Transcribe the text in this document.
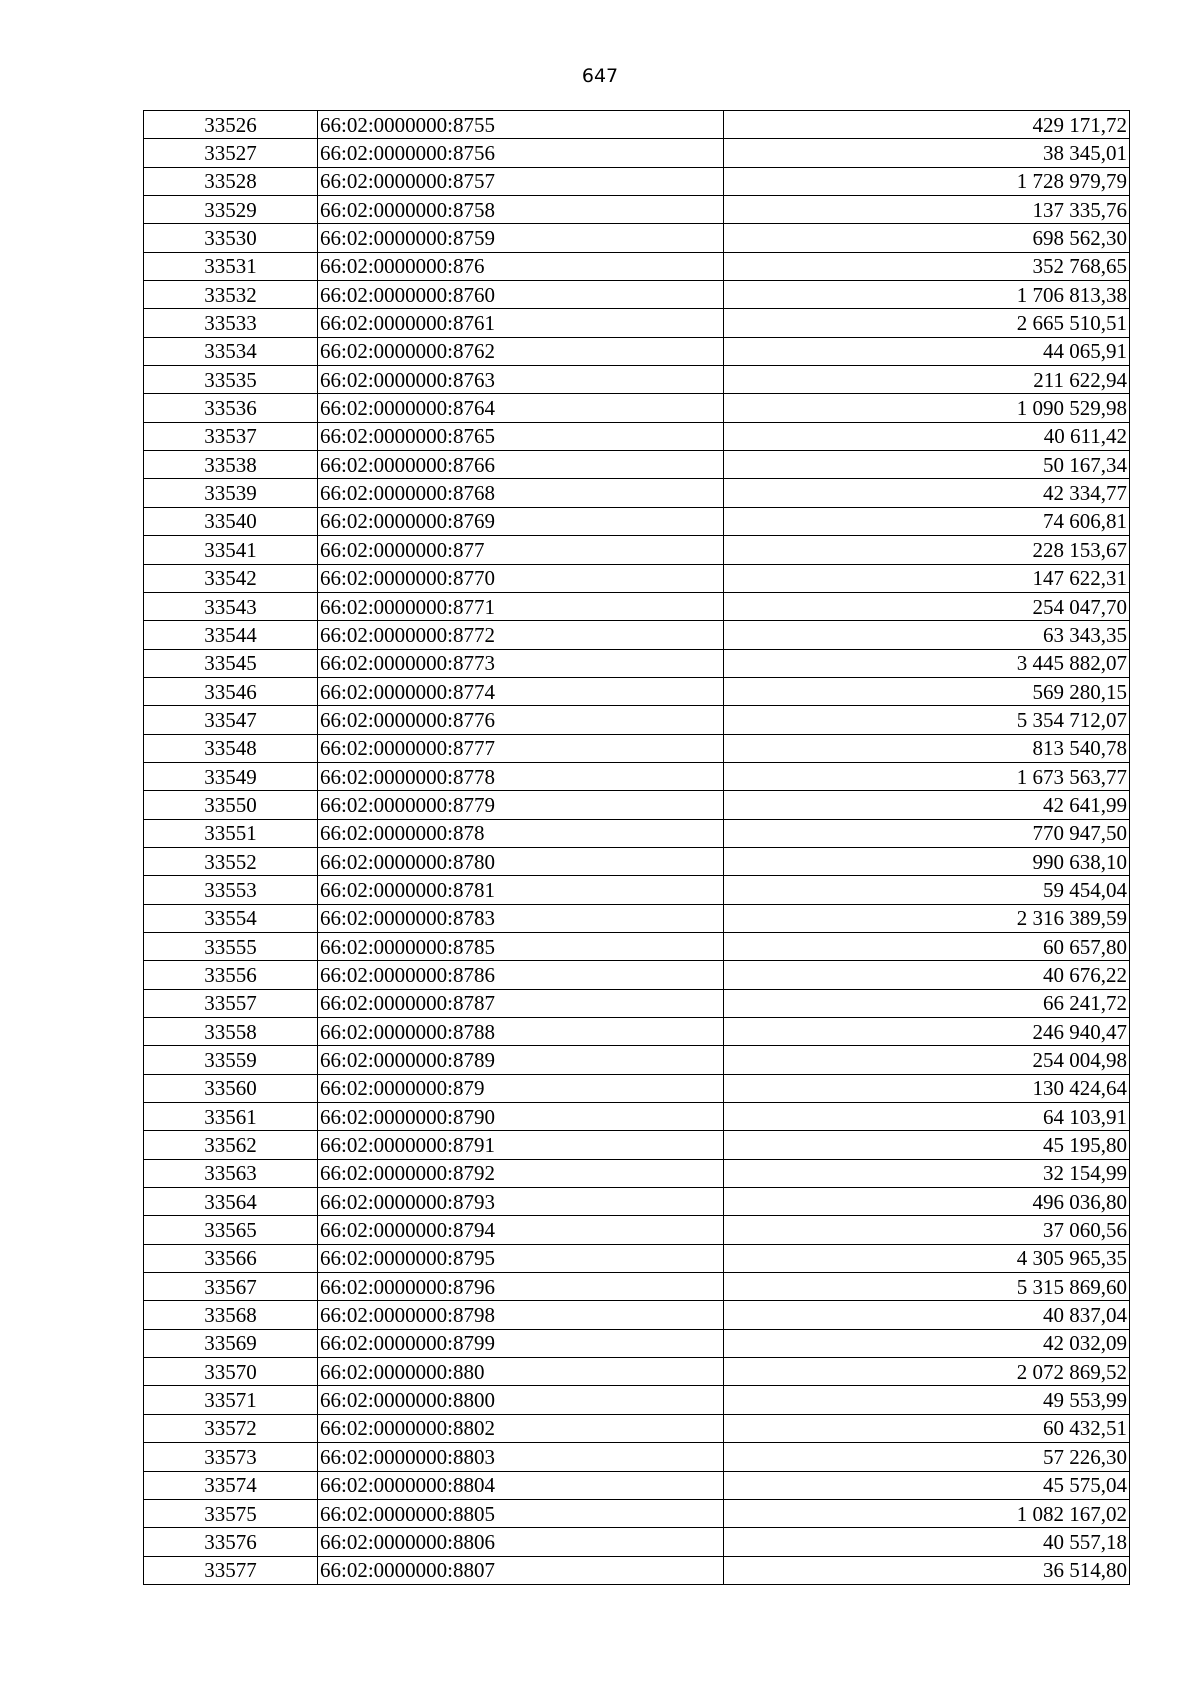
647
33526	66:02:0000000:8755	429 171,72
33527	66:02:0000000:8756	38 345,01
33528	66:02:0000000:8757	1 728 979,79
33529	66:02:0000000:8758	137 335,76
33530	66:02:0000000:8759	698 562,30
33531	66:02:0000000:876	352 768,65
33532	66:02:0000000:8760	1 706 813,38
33533	66:02:0000000:8761	2 665 510,51
33534	66:02:0000000:8762	44 065,91
33535	66:02:0000000:8763	211 622,94
33536	66:02:0000000:8764	1 090 529,98
33537	66:02:0000000:8765	40 611,42
33538	66:02:0000000:8766	50 167,34
33539	66:02:0000000:8768	42 334,77
33540	66:02:0000000:8769	74 606,81
33541	66:02:0000000:877	228 153,67
33542	66:02:0000000:8770	147 622,31
33543	66:02:0000000:8771	254 047,70
33544	66:02:0000000:8772	63 343,35
33545	66:02:0000000:8773	3 445 882,07
33546	66:02:0000000:8774	569 280,15
33547	66:02:0000000:8776	5 354 712,07
33548	66:02:0000000:8777	813 540,78
33549	66:02:0000000:8778	1 673 563,77
33550	66:02:0000000:8779	42 641,99
33551	66:02:0000000:878	770 947,50
33552	66:02:0000000:8780	990 638,10
33553	66:02:0000000:8781	59 454,04
33554	66:02:0000000:8783	2 316 389,59
33555	66:02:0000000:8785	60 657,80
33556	66:02:0000000:8786	40 676,22
33557	66:02:0000000:8787	66 241,72
33558	66:02:0000000:8788	246 940,47
33559	66:02:0000000:8789	254 004,98
33560	66:02:0000000:879	130 424,64
33561	66:02:0000000:8790	64 103,91
33562	66:02:0000000:8791	45 195,80
33563	66:02:0000000:8792	32 154,99
33564	66:02:0000000:8793	496 036,80
33565	66:02:0000000:8794	37 060,56
33566	66:02:0000000:8795	4 305 965,35
33567	66:02:0000000:8796	5 315 869,60
33568	66:02:0000000:8798	40 837,04
33569	66:02:0000000:8799	42 032,09
33570	66:02:0000000:880	2 072 869,52
33571	66:02:0000000:8800	49 553,99
33572	66:02:0000000:8802	60 432,51
33573	66:02:0000000:8803	57 226,30
33574	66:02:0000000:8804	45 575,04
33575	66:02:0000000:8805	1 082 167,02
33576	66:02:0000000:8806	40 557,18
33577	66:02:0000000:8807	36 514,80
